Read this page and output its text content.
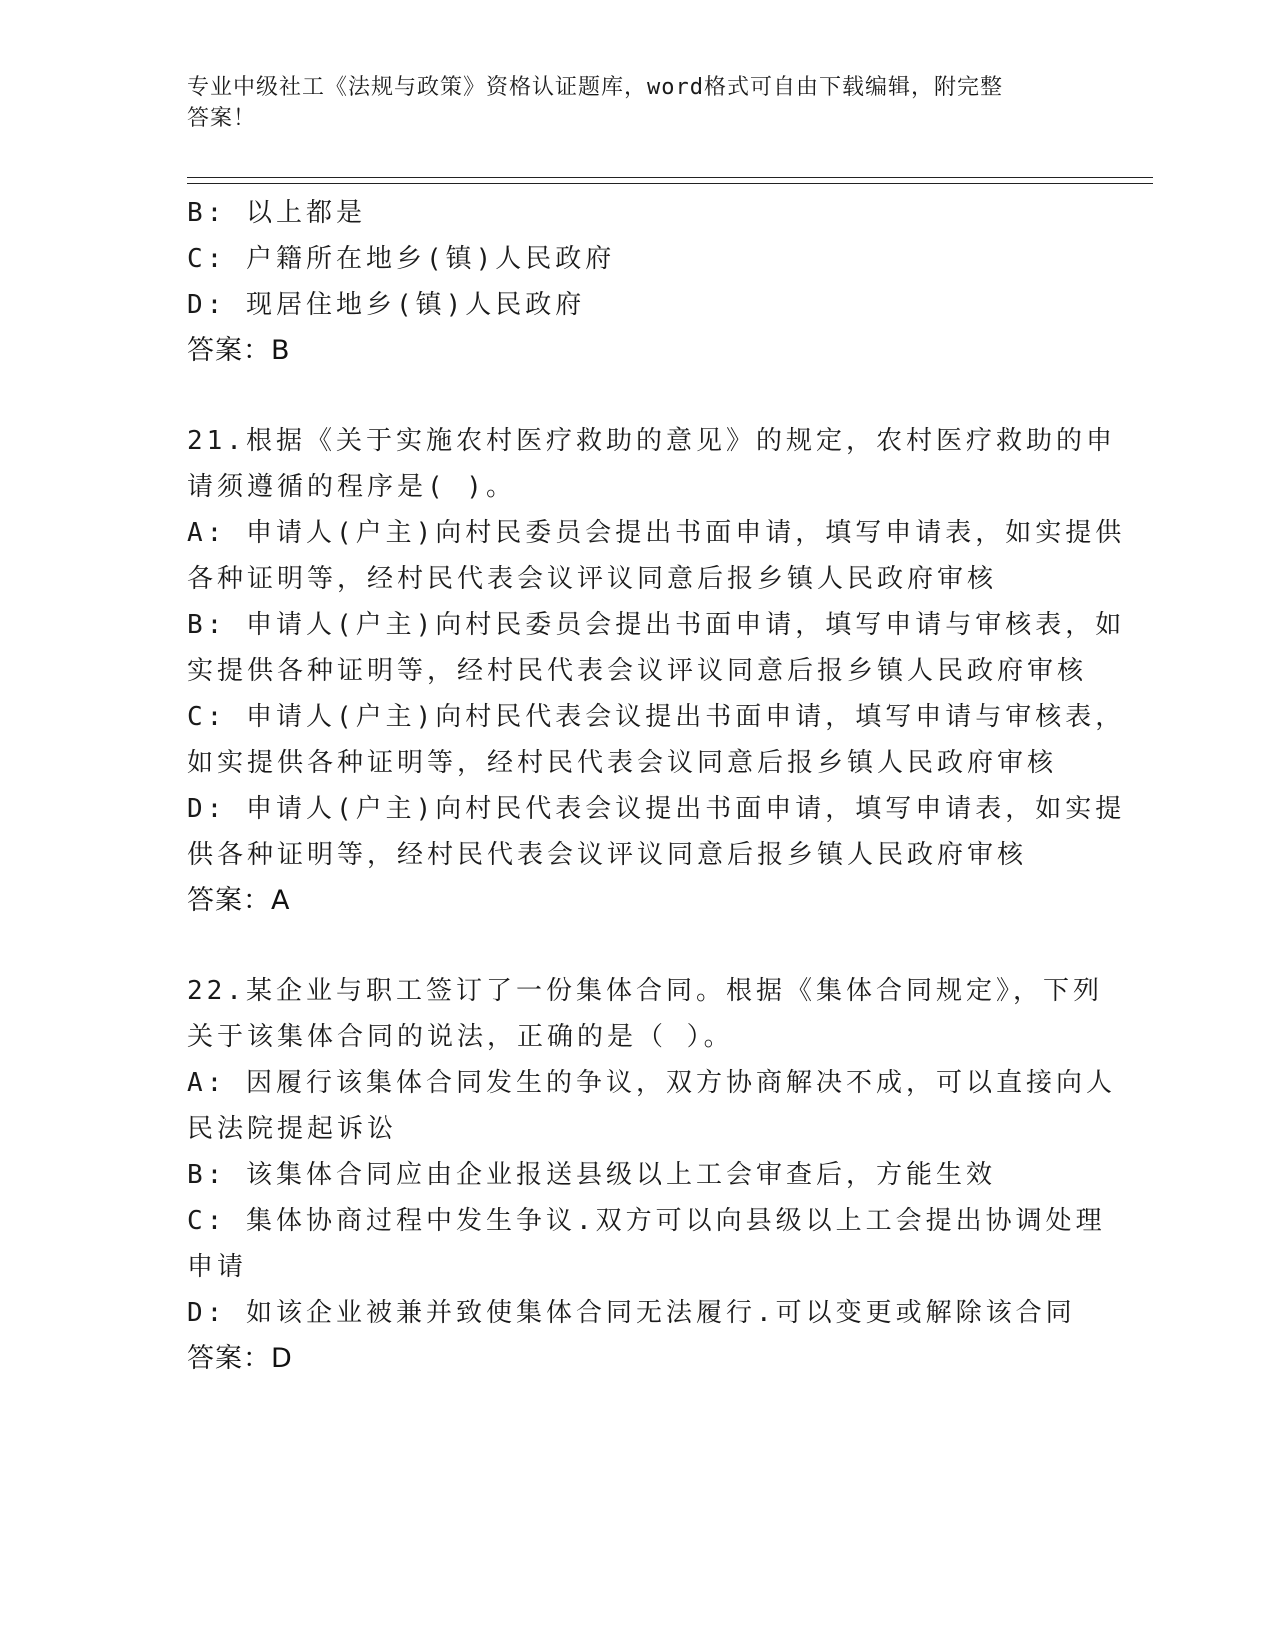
专业中级社工《法规与政策》资格认证题库，word格式可自由下载编辑，附完整
答案！
B: 以上都是
C: 户籍所在地乡(镇)人民政府
D: 现居住地乡(镇)人民政府
答案：B
21.根据《关于实施农村医疗救助的意见》的规定，农村医疗救助的申
请须遵循的程序是( )。
A: 申请人(户主)向村民委员会提出书面申请，填写申请表，如实提供
各种证明等，经村民代表会议评议同意后报乡镇人民政府审核
B: 申请人(户主)向村民委员会提出书面申请，填写申请与审核表，如
实提供各种证明等，经村民代表会议评议同意后报乡镇人民政府审核
C: 申请人(户主)向村民代表会议提出书面申请，填写申请与审核表，
如实提供各种证明等，经村民代表会议同意后报乡镇人民政府审核
D: 申请人(户主)向村民代表会议提出书面申请，填写申请表，如实提
供各种证明等，经村民代表会议评议同意后报乡镇人民政府审核
答案：A
22.某企业与职工签订了一份集体合同。根据《集体合同规定》，下列
关于该集体合同的说法，正确的是（ ）。
A: 因履行该集体合同发生的争议，双方协商解决不成，可以直接向人
民法院提起诉讼
B: 该集体合同应由企业报送县级以上工会审查后，方能生效
C: 集体协商过程中发生争议.双方可以向县级以上工会提出协调处理
申请
D: 如该企业被兼并致使集体合同无法履行.可以变更或解除该合同
答案：D
